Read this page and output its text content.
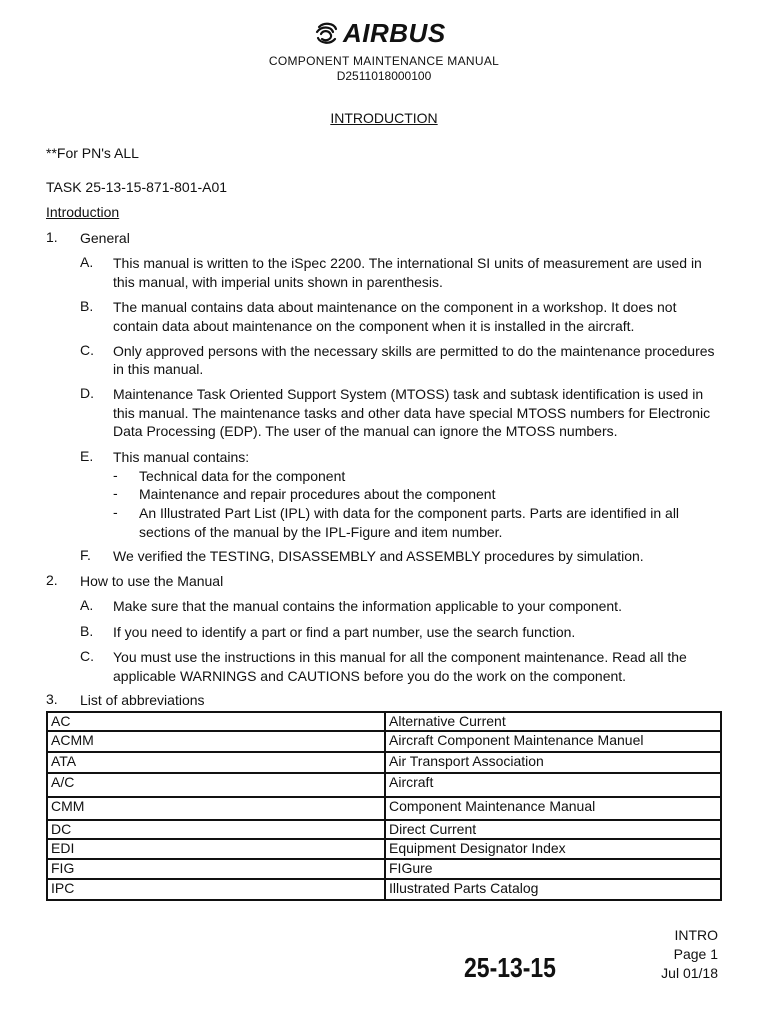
AIRBUS
COMPONENT MAINTENANCE MANUAL
D2511018000100
INTRODUCTION
**For PN's ALL
TASK 25-13-15-871-801-A01
Introduction
1. General
A. This manual is written to the iSpec 2200. The international SI units of measurement are used in
this manual, with imperial units shown in parenthesis.
B. The manual contains data about maintenance on the component in a workshop. It does not
contain data about maintenance on the component when it is installed in the aircraft.
C. Only approved persons with the necessary skills are permitted to do the maintenance procedures
in this manual.
D. Maintenance Task Oriented Support System (MTOSS) task and subtask identification is used in
this manual. The maintenance tasks and other data have special MTOSS numbers for Electronic
Data Processing (EDP). The user of the manual can ignore the MTOSS numbers.
E. This manual contains:
- Technical data for the component
- Maintenance and repair procedures about the component
- An Illustrated Part List (IPL) with data for the component parts. Parts are identified in all
sections of the manual by the IPL-Figure and item number.
F. We verified the TESTING, DISASSEMBLY and ASSEMBLY procedures by simulation.
2. How to use the Manual
A. Make sure that the manual contains the information applicable to your component.
B. If you need to identify a part or find a part number, use the search function.
C. You must use the instructions in this manual for all the component maintenance. Read all the
applicable WARNINGS and CAUTIONS before you do the work on the component.
3. List of abbreviations
AC	Alternative Current
ACMM	Aircraft Component Maintenance Manuel
ATA	Air Transport Association
A/C	Aircraft
CMM	Component Maintenance Manual
DC	Direct Current
EDI	Equipment Designator Index
FIG	FIGure
IPC	Illustrated Parts Catalog
25-13-15
INTRO
Page 1
Jul 01/18
